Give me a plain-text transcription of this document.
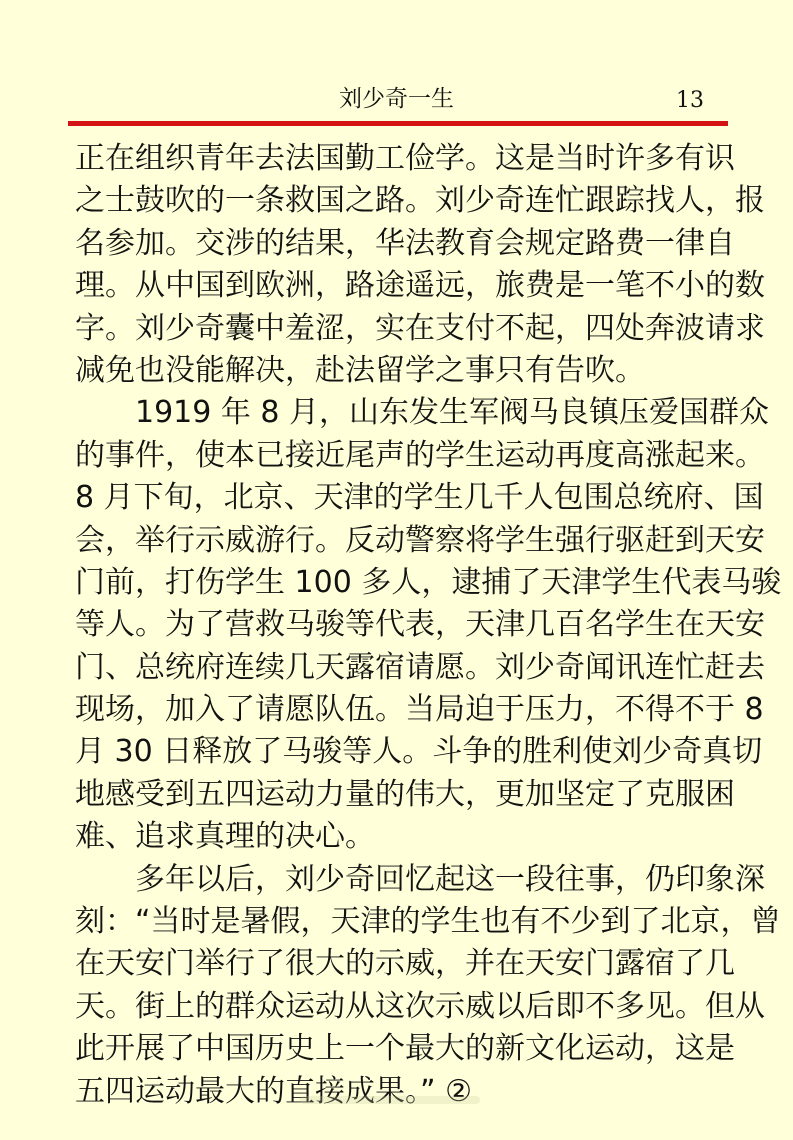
刘少奇一生	13
正在组织青年去法国勤工俭学。这是当时许多有识
之士鼓吹的一条救国之路。刘少奇连忙跟踪找人，报
名参加。交涉的结果，华法教育会规定路费一律自
理。从中国到欧洲，路途遥远，旅费是一笔不小的数
字。刘少奇囊中羞涩，实在支付不起，四处奔波请求
减免也没能解决，赴法留学之事只有告吹。
1919 年 8 月，山东发生军阀马良镇压爱国群众
的事件，使本已接近尾声的学生运动再度高涨起来。
8 月下旬，北京、天津的学生几千人包围总统府、国
会，举行示威游行。反动警察将学生强行驱赶到天安
门前，打伤学生 100 多人，逮捕了天津学生代表马骏
等人。为了营救马骏等代表，天津几百名学生在天安
门、总统府连续几天露宿请愿。刘少奇闻讯连忙赶去
现场，加入了请愿队伍。当局迫于压力，不得不于 8
月 30 日释放了马骏等人。斗争的胜利使刘少奇真切
地感受到五四运动力量的伟大，更加坚定了克服困
难、追求真理的决心。
多年以后，刘少奇回忆起这一段往事，仍印象深
刻：“当时是暑假，天津的学生也有不少到了北京，曾
在天安门举行了很大的示威，并在天安门露宿了几
天。街上的群众运动从这次示威以后即不多见。但从
此开展了中国历史上一个最大的新文化运动，这是
五四运动最大的直接成果。” ②
